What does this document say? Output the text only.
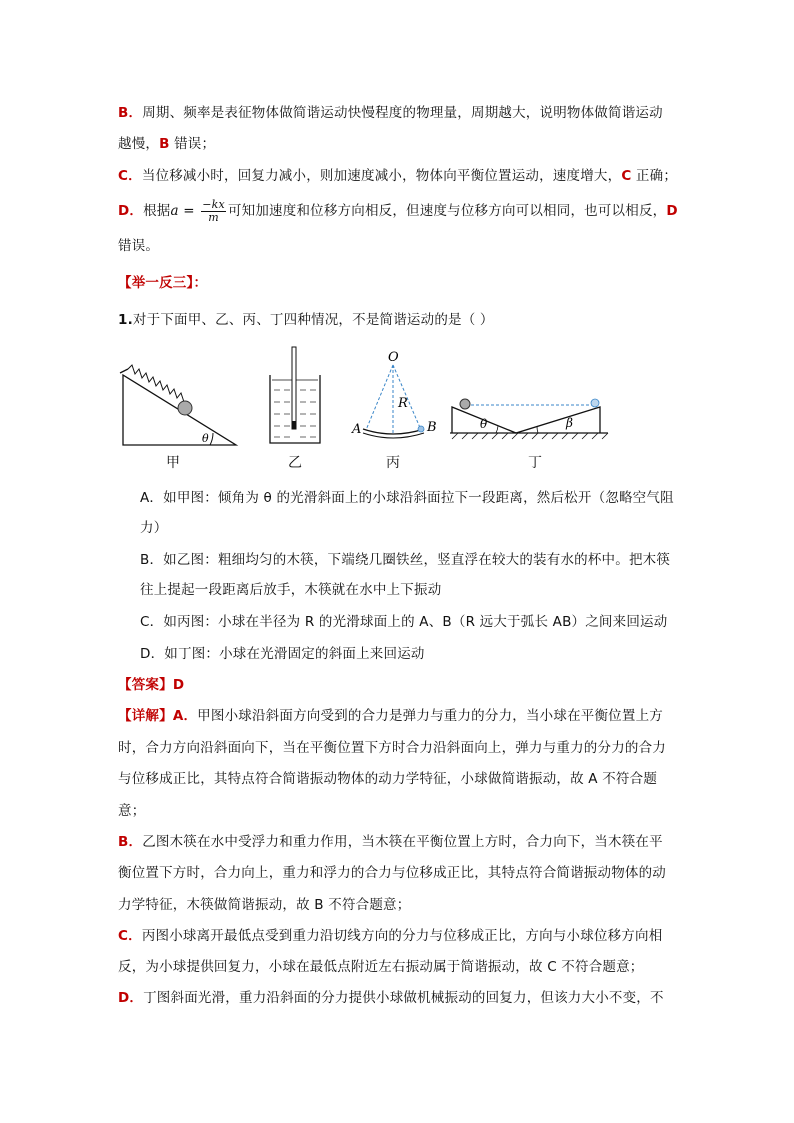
B．周期、频率是表征物体做简谐运动快慢程度的物理量，周期越大，说明物体做简谐运动
越慢，B 错误；
C．当位移减小时，回复力减小，则加速度减小，物体向平衡位置运动，速度增大，C 正确；
D．根据$a = \frac{-kx}{m}$ 可知加速度和位移方向相反，但速度与位移方向可以相同，也可以相反，D
错误。
【举一反三】：
1.对于下面甲、乙、丙、丁四种情况，不是简谐运动的是（ ）
θ
O
R
A	B	θ	β
甲	乙	丙	丁
A．如甲图：倾角为 θ 的光滑斜面上的小球沿斜面拉下一段距离，然后松开（忽略空气阻
力）
B．如乙图：粗细均匀的木筷，下端绕几圈铁丝，竖直浮在较大的装有水的杯中。把木筷
往上提起一段距离后放手，木筷就在水中上下振动
C．如丙图：小球在半径为 R 的光滑球面上的 A、B（R 远大于弧长 AB）之间来回运动
D．如丁图：小球在光滑固定的斜面上来回运动
【答案】D
【详解】A．甲图小球沿斜面方向受到的合力是弹力与重力的分力，当小球在平衡位置上方
时，合力方向沿斜面向下，当在平衡位置下方时合力沿斜面向上，弹力与重力的分力的合力
与位移成正比，其特点符合简谐振动物体的动力学特征，小球做简谐振动，故 A 不符合题
意；
B．乙图木筷在水中受浮力和重力作用，当木筷在平衡位置上方时，合力向下，当木筷在平
衡位置下方时，合力向上，重力和浮力的合力与位移成正比，其特点符合简谐振动物体的动
力学特征，木筷做简谐振动，故 B 不符合题意；
C．丙图小球离开最低点受到重力沿切线方向的分力与位移成正比，方向与小球位移方向相
反，为小球提供回复力，小球在最低点附近左右振动属于简谐振动，故 C 不符合题意；
D．丁图斜面光滑，重力沿斜面的分力提供小球做机械振动的回复力，但该力大小不变，不
